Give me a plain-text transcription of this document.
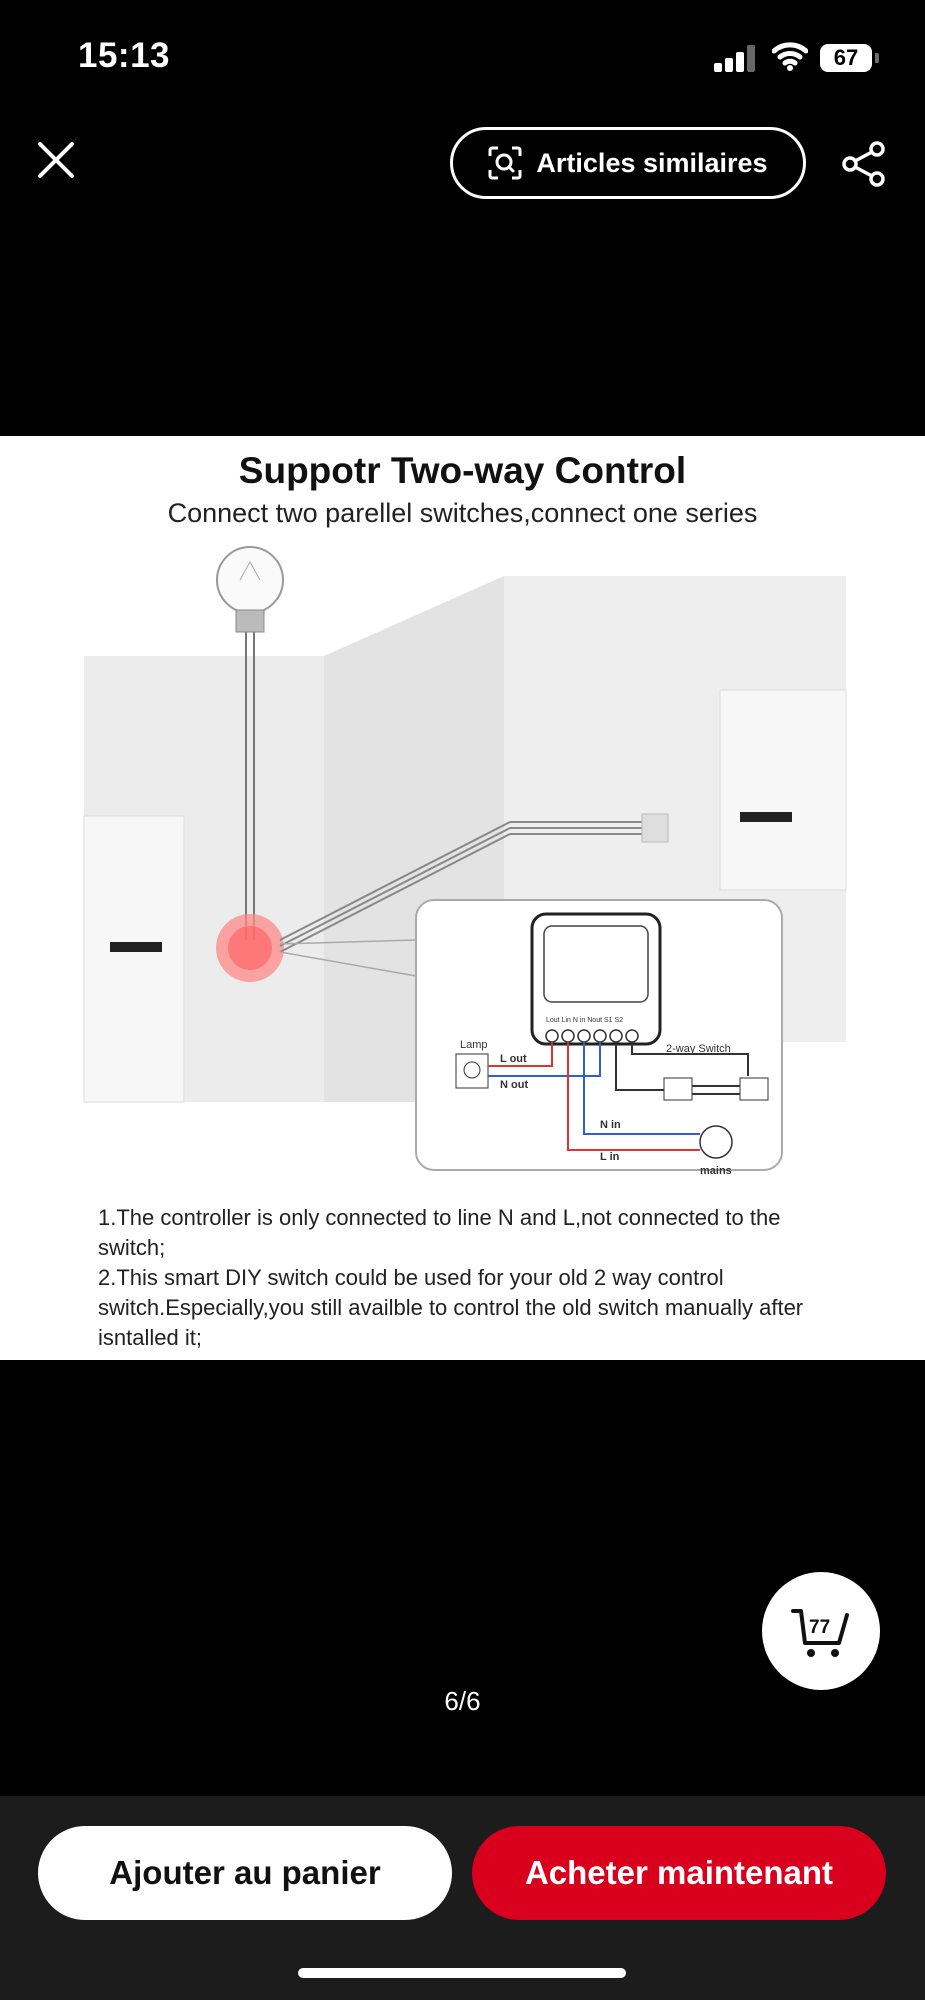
15:13	67
Articles similaires
Suppotr Two-way Control
Connect two parellel switches,connect one series
Lout Lin N in Nout S1 S2
Lamp
L out
N out
2-way Switch
N in
L in
mains

1.The controller is only connected to line N and L,not connected to the switch;

2.This smart DIY switch could be used for your old 2 way control switch.Especially,you still availble to control the old switch manually after isntalled it;

6/6
77
Ajouter au panier	Acheter maintenant
